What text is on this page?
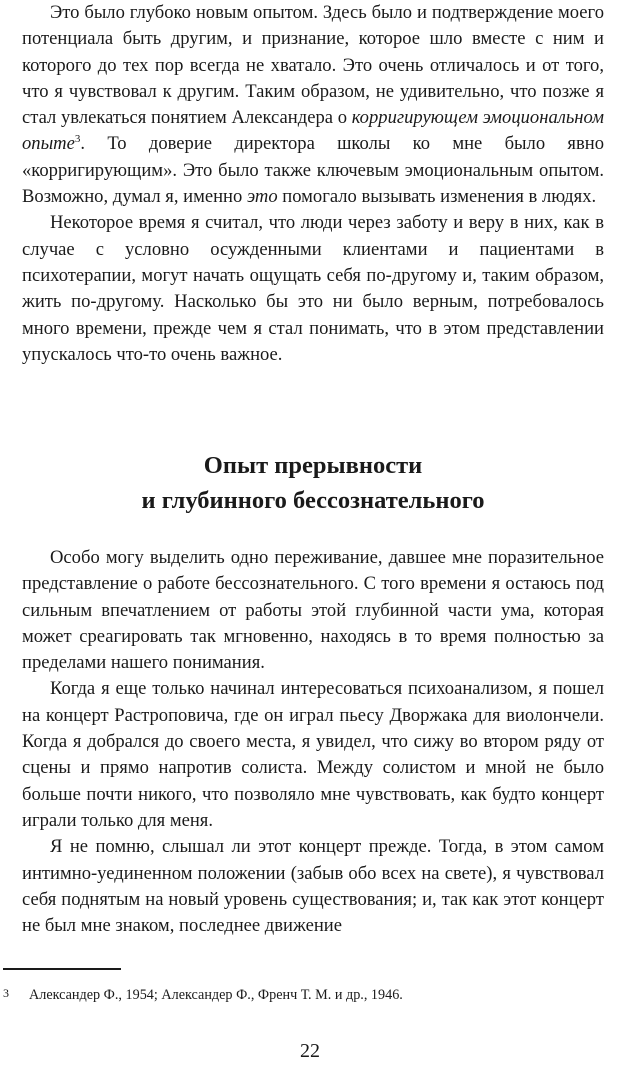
Это было глубоко новым опытом. Здесь было и подтверждение моего потенциала быть другим, и признание, которое шло вместе с ним и которого до тех пор всегда не хватало. Это очень отличалось и от того, что я чувствовал к другим. Таким образом, не удивительно, что позже я стал увлекаться понятием Александера о корригирующем эмоциональном опыте$^3$. То доверие директора школы ко мне было явно «корригирующим». Это было также ключевым эмоциональным опытом. Возможно, думал я, именно это помогало вызывать изменения в людях.

Некоторое время я считал, что люди через заботу и веру в них, как в случае с условно осужденными клиентами и пациентами в психотерапии, могут начать ощущать себя по-другому и, таким образом, жить по-другому. Насколько бы это ни было верным, потребовалось много времени, прежде чем я стал понимать, что в этом представлении упускалось что-то очень важное.

Опыт прерывности
и глубинного бессознательного

Особо могу выделить одно переживание, давшее мне поразительное представление о работе бессознательного. С того времени я остаюсь под сильным впечатлением от работы этой глубинной части ума, которая может среагировать так мгновенно, находясь в то время полностью за пределами нашего понимания.

Когда я еще только начинал интересоваться психоанализом, я пошел на концерт Растроповича, где он играл пьесу Дворжака для виолончели. Когда я добрался до своего места, я увидел, что сижу во втором ряду от сцены и прямо напротив солиста. Между солистом и мной не было больше почти никого, что позволяло мне чувствовать, как будто концерт играли только для меня.

Я не помню, слышал ли этот концерт прежде. Тогда, в этом самом интимно-уединенном положении (забыв обо всех на свете), я чувствовал себя поднятым на новый уровень существования; и, так как этот концерт не был мне знаком, последнее движение

3 Александер Ф., 1954; Александер Ф., Френч Т. М. и др., 1946.
22
